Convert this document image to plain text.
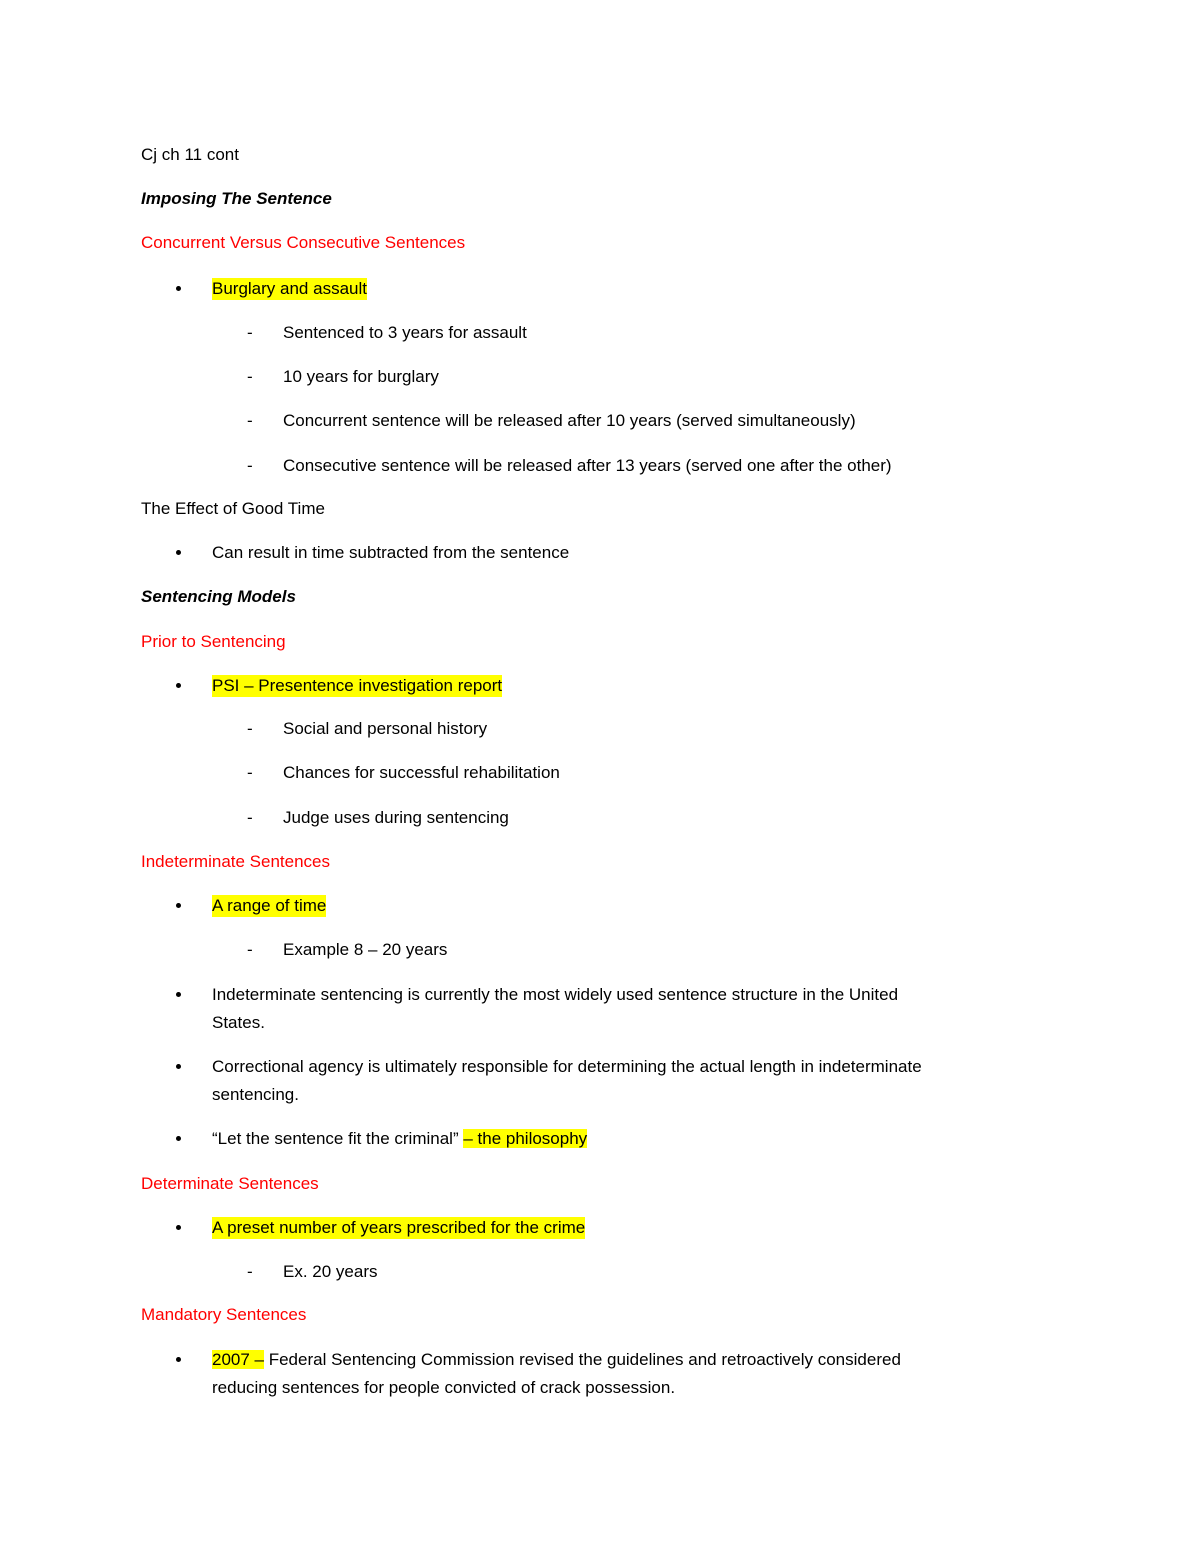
Cj ch 11 cont
Imposing The Sentence
Concurrent Versus Consecutive Sentences
Burglary and assault
- Sentenced to 3 years for assault
- 10 years for burglary
- Concurrent sentence will be released after 10 years (served simultaneously)
- Consecutive sentence will be released after 13 years (served one after the other)
The Effect of Good Time
Can result in time subtracted from the sentence
Sentencing Models
Prior to Sentencing
PSI – Presentence investigation report
- Social and personal history
- Chances for successful rehabilitation
- Judge uses during sentencing
Indeterminate Sentences
A range of time
- Example 8 – 20 years
Indeterminate sentencing is currently the most widely used sentence structure in the United
States.
Correctional agency is ultimately responsible for determining the actual length in indeterminate
sentencing.
“Let the sentence fit the criminal” – the philosophy
Determinate Sentences
A preset number of years prescribed for the crime
- Ex. 20 years
Mandatory Sentences
2007 – Federal Sentencing Commission revised the guidelines and retroactively considered
reducing sentences for people convicted of crack possession.
